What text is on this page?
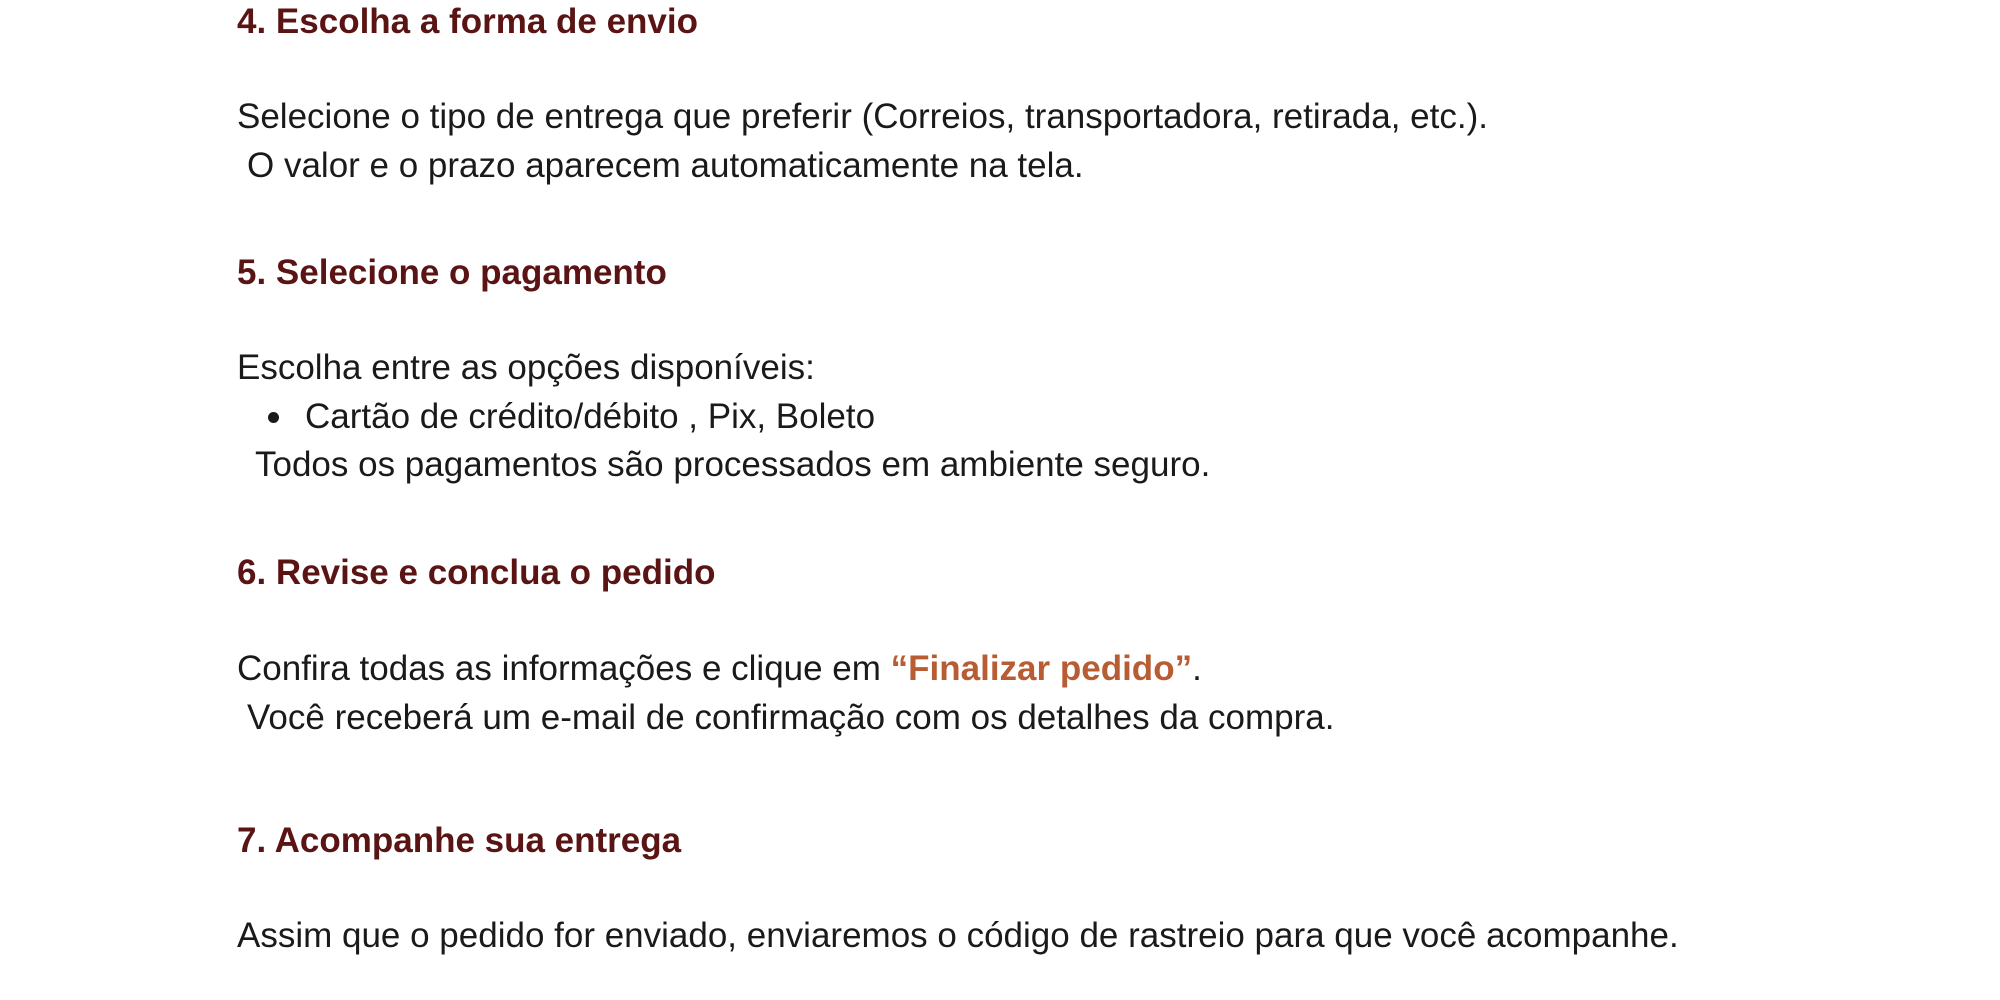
4. Escolha a forma de envio
Selecione o tipo de entrega que preferir (Correios, transportadora, retirada, etc.).
O valor e o prazo aparecem automaticamente na tela.
5. Selecione o pagamento
Escolha entre as opções disponíveis:
Cartão de crédito/débito , Pix, Boleto
Todos os pagamentos são processados em ambiente seguro.
6. Revise e conclua o pedido
Confira todas as informações e clique em “Finalizar pedido”.
Você receberá um e-mail de confirmação com os detalhes da compra.
7. Acompanhe sua entrega
Assim que o pedido for enviado, enviaremos o código de rastreio para que você acompanhe.
